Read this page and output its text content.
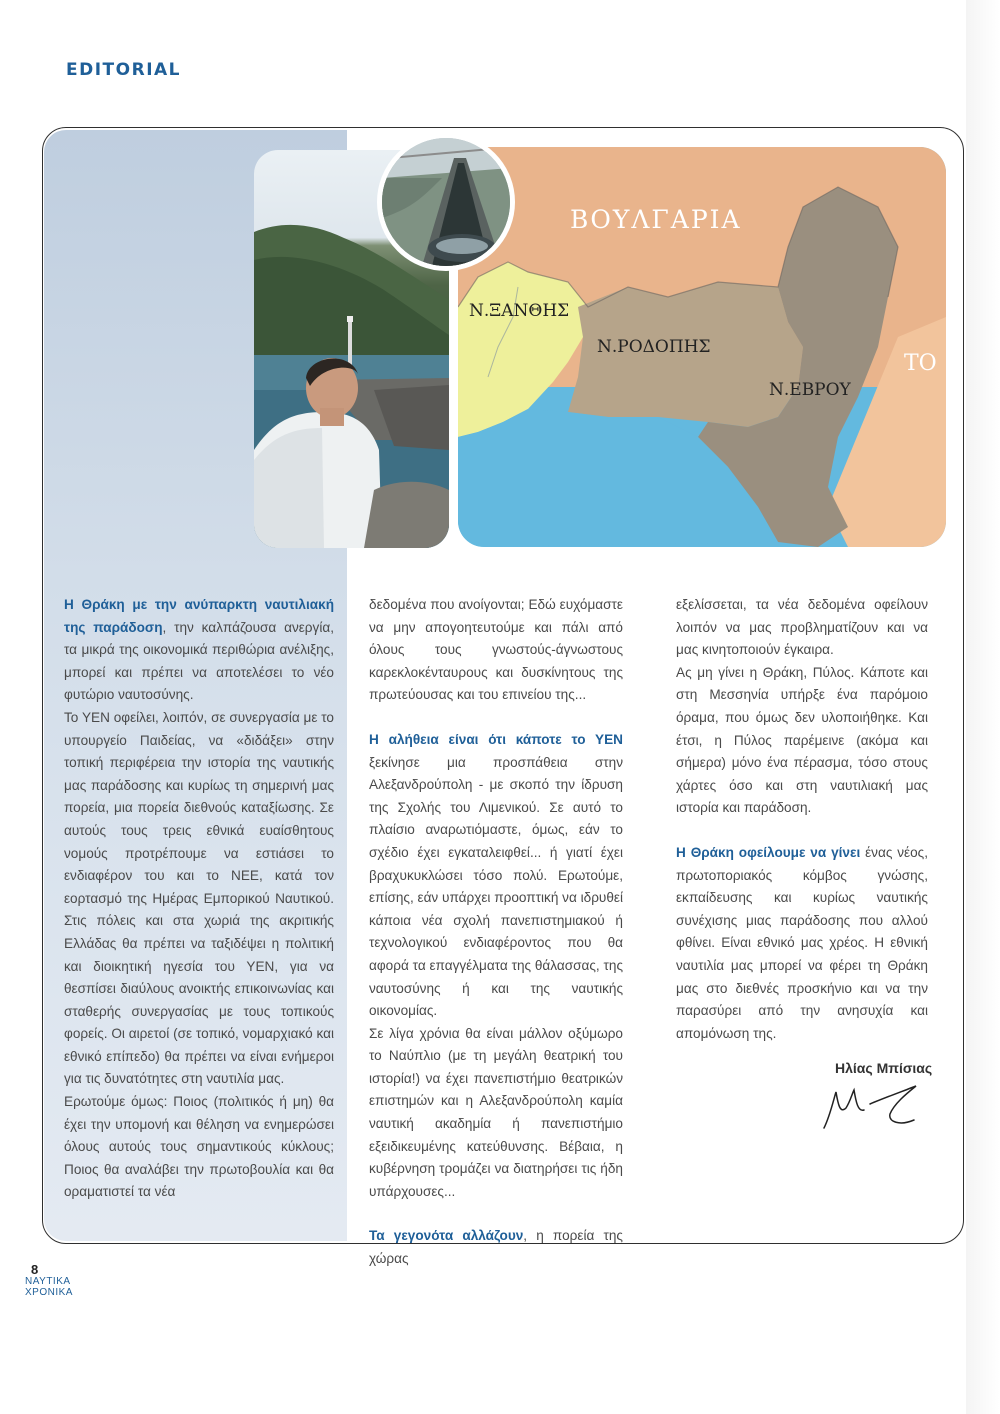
EDITORIAL
ΒΟΥΛΓΑΡΙΑ
Ν.ΞΑΝΘΗΣ
Ν.ΡΟΔΟΠΗΣ
Ν.ΕΒΡΟΥ
ΤΟ

Η Θράκη με την ανύπαρκτη ναυτιλιακή της παράδοση, την καλπάζουσα ανεργία, τα μικρά της οικονομικά περιθώρια ανέλιξης, μπορεί και πρέπει να αποτελέσει το νέο φυτώριο ναυτοσύνης.

Το ΥΕΝ οφείλει, λοιπόν, σε συνεργασία με το υπουργείο Παιδείας, να «διδάξει» στην τοπική περιφέρεια την ιστορία της ναυτικής μας παράδοσης και κυρίως τη σημερινή μας πορεία, μια πορεία διεθνούς καταξίωσης. Σε αυτούς τους τρεις εθνικά ευαίσθητους νομούς προτρέπουμε να εστιάσει το ενδιαφέρον του και το ΝΕΕ, κατά τον εορτασμό της Ημέρας Εμπορικού Ναυτικού. Στις πόλεις και στα χωριά της ακριτικής Ελλάδας θα πρέπει να ταξιδέψει η πολιτική και διοικητική ηγεσία του ΥΕΝ, για να θεσπίσει διαύλους ανοικτής επικοινωνίας και σταθερής συνεργασίας με τους τοπικούς φορείς. Οι αιρετοί (σε τοπικό, νομαρχιακό και εθνικό επίπεδο) θα πρέπει να είναι ενήμεροι για τις δυνατότητες στη ναυτιλία μας.

Ερωτούμε όμως: Ποιος (πολιτικός ή μη) θα έχει την υπομονή και θέληση να ενημερώσει όλους αυτούς τους σημαντικούς κύκλους; Ποιος θα αναλάβει την πρωτοβουλία και θα οραματιστεί τα νέα

δεδομένα που ανοίγονται; Εδώ ευχόμαστε να μην απογοητευτούμε και πάλι από όλους τους γνωστούς-άγνωστους καρεκλοκένταυρους και δυσκίνητους της πρωτεύουσας και του επινείου της...

Η αλήθεια είναι ότι κάποτε το ΥΕΝ ξεκίνησε μια προσπάθεια στην Αλεξανδρούπολη - με σκοπό την ίδρυση της Σχολής του Λιμενικού. Σε αυτό το πλαίσιο αναρωτιόμαστε, όμως, εάν το σχέδιο έχει εγκαταλειφθεί... ή γιατί έχει βραχυκυκλώσει τόσο πολύ. Ερωτούμε, επίσης, εάν υπάρχει προοπτική να ιδρυθεί κάποια νέα σχολή πανεπιστημιακού ή τεχνολογικού ενδιαφέροντος που θα αφορά τα επαγγέλματα της θάλασσας, της ναυτοσύνης ή και της ναυτικής οικονομίας.

Σε λίγα χρόνια θα είναι μάλλον οξύμωρο το Ναύπλιο (με τη μεγάλη θεατρική του ιστορία!) να έχει πανεπιστήμιο θεατρικών επιστημών και η Αλεξανδρούπολη καμία ναυτική ακαδημία ή πανεπιστήμιο εξειδικευμένης κατεύθυνσης. Βέβαια, η κυβέρνηση τρομάζει να διατηρήσει τις ήδη υπάρχουσες...

Τα γεγονότα αλλάζουν, η πορεία της χώρας

εξελίσσεται, τα νέα δεδομένα οφείλουν λοιπόν να μας προβληματίζουν και να μας κινητοποιούν έγκαιρα.

Ας μη γίνει η Θράκη, Πύλος. Κάποτε και στη Μεσσηνία υπήρξε ένα παρόμοιο όραμα, που όμως δεν υλοποιήθηκε. Και έτσι, η Πύλος παρέμεινε (ακόμα και σήμερα) μόνο ένα πέρασμα, τόσο στους χάρτες όσο και στη ναυτιλιακή μας ιστορία και παράδοση.

Η Θράκη οφείλουμε να γίνει ένας νέος, πρωτοποριακός κόμβος γνώσης, εκπαίδευσης και κυρίως ναυτικής συνέχισης μιας παράδοσης που αλλού φθίνει. Είναι εθνικό μας χρέος. Η εθνική ναυτιλία μας μπορεί να φέρει τη Θράκη μας στο διεθνές προσκήνιο και να την παρασύρει από την ανησυχία και απομόνωση της.

Ηλίας Μπίσιας
8
ΝΑΥΤΙΚΑ
ΧΡΟΝΙΚΑ
